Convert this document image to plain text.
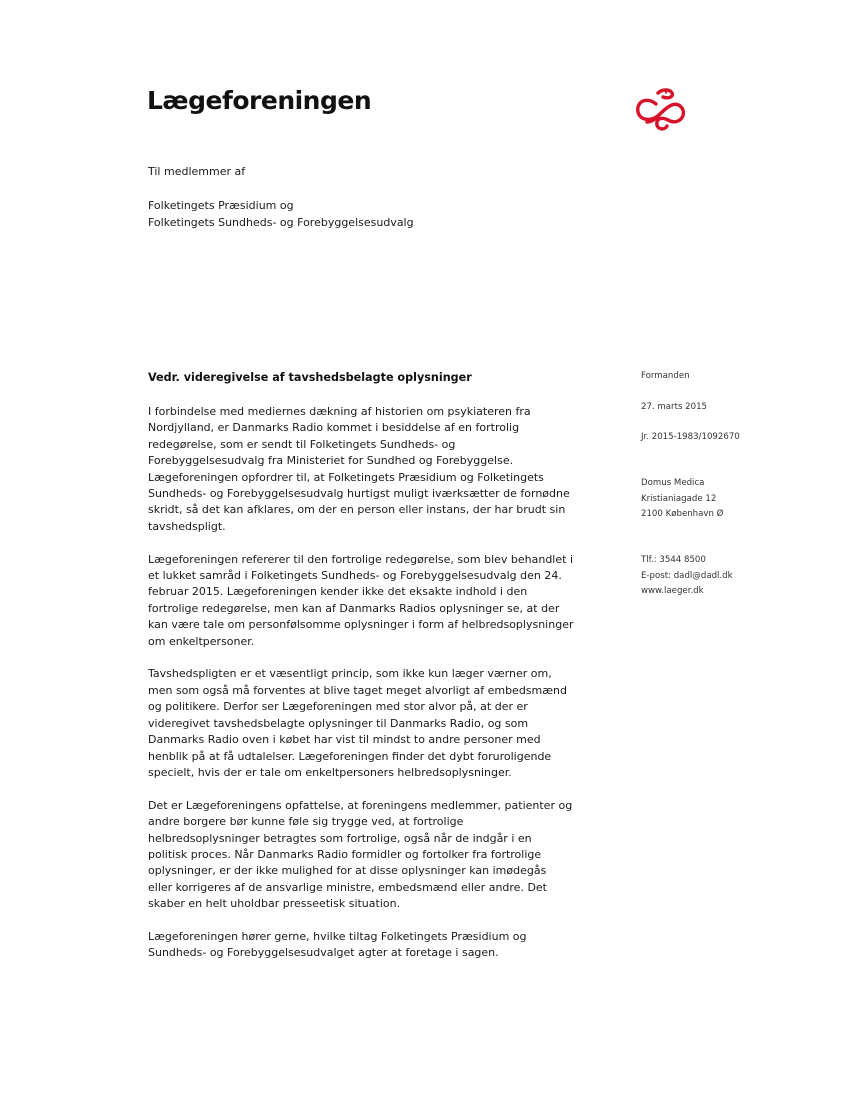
Lægeforeningen
Til medlemmer af
Folketingets Præsidium og
Folketingets Sundheds- og Forebyggelsesudvalg
Vedr. videregivelse af tavshedsbelagte oplysninger

I forbindelse med mediernes dækning af historien om psykiateren fra
Nordjylland, er Danmarks Radio kommet i besiddelse af en fortrolig
redegørelse, som er sendt til Folketingets Sundheds- og
Forebyggelsesudvalg fra Ministeriet for Sundhed og Forebyggelse.
Lægeforeningen opfordrer til, at Folketingets Præsidium og Folketingets
Sundheds- og Forebyggelsesudvalg hurtigst muligt iværksætter de fornødne
skridt, så det kan afklares, om der en person eller instans, der har brudt sin
tavshedspligt.

Lægeforeningen refererer til den fortrolige redegørelse, som blev behandlet i
et lukket samråd i Folketingets Sundheds- og Forebyggelsesudvalg den 24.
februar 2015. Lægeforeningen kender ikke det eksakte indhold i den
fortrolige redegørelse, men kan af Danmarks Radios oplysninger se, at der
kan være tale om personfølsomme oplysninger i form af helbredsoplysninger
om enkeltpersoner.

Tavshedspligten er et væsentligt princip, som ikke kun læger værner om,
men som også må forventes at blive taget meget alvorligt af embedsmænd
og politikere. Derfor ser Lægeforeningen med stor alvor på, at der er
videregivet tavshedsbelagte oplysninger til Danmarks Radio, og som
Danmarks Radio oven i købet har vist til mindst to andre personer med
henblik på at få udtalelser. Lægeforeningen finder det dybt foruroligende
specielt, hvis der er tale om enkeltpersoners helbredsoplysninger.

Det er Lægeforeningens opfattelse, at foreningens medlemmer, patienter og
andre borgere bør kunne føle sig trygge ved, at fortrolige
helbredsoplysninger betragtes som fortrolige, også når de indgår i en
politisk proces. Når Danmarks Radio formidler og fortolker fra fortrolige
oplysninger, er der ikke mulighed for at disse oplysninger kan imødegås
eller korrigeres af de ansvarlige ministre, embedsmænd eller andre. Det
skaber en helt uholdbar presseetisk situation.

Lægeforeningen hører gerne, hvilke tiltag Folketingets Præsidium og
Sundheds- og Forebyggelsesudvalget agter at foretage i sagen.

Formanden
27. marts 2015
Jr. 2015-1983/1092670
Domus Medica
Kristianiagade 12
2100 København Ø
Tlf.: 3544 8500
E-post: dadl@dadl.dk
www.laeger.dk
